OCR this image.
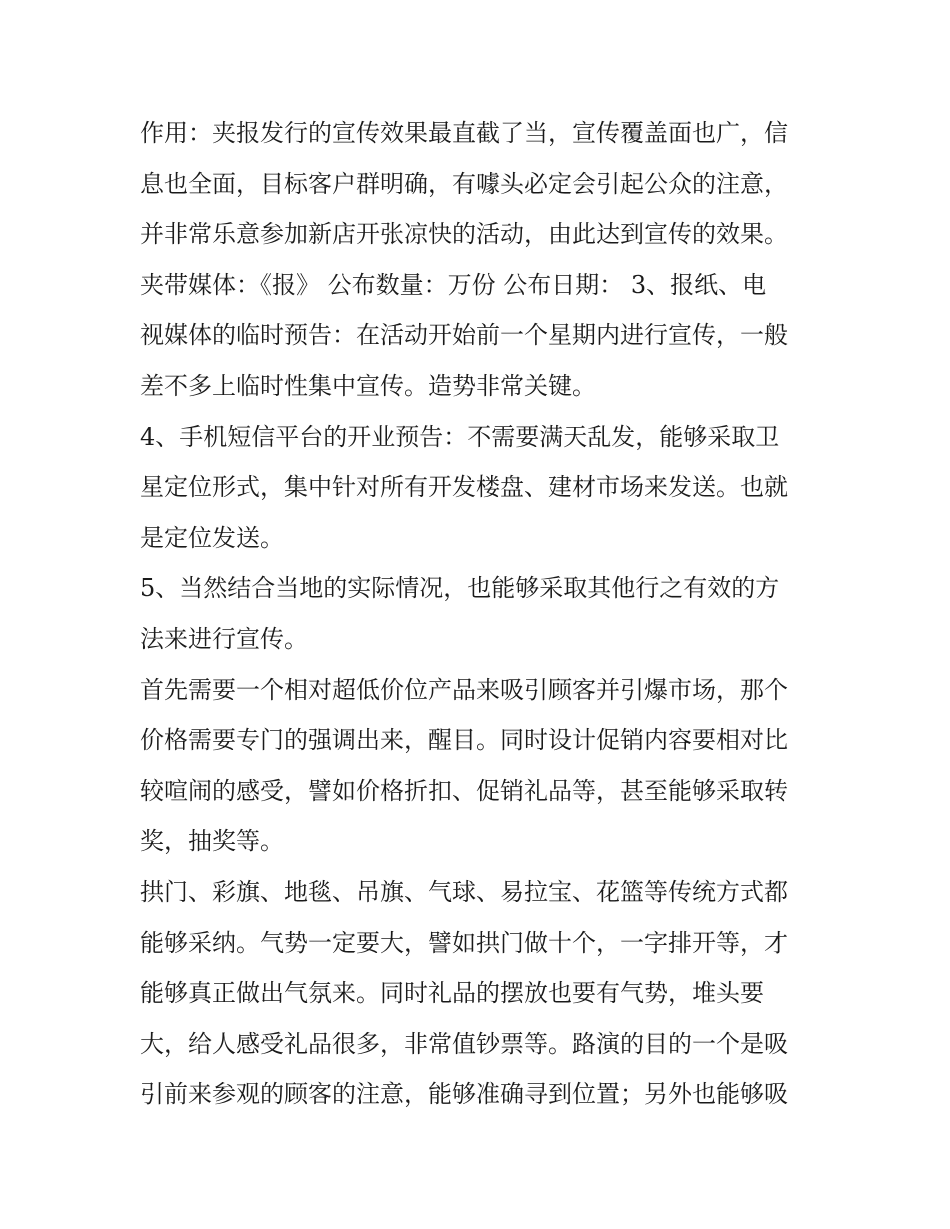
作用：夹报发行的宣传效果最直截了当，宣传覆盖面也广，信
息也全面，目标客户群明确，有噱头必定会引起公众的注意，
并非常乐意参加新店开张凉快的活动，由此达到宣传的效果。
夹带媒体：《报》 公布数量：万份 公布日期： 3、报纸、电
视媒体的临时预告：在活动开始前一个星期内进行宣传，一般
差不多上临时性集中宣传。造势非常关键。
4、手机短信平台的开业预告：不需要满天乱发，能够采取卫
星定位形式，集中针对所有开发楼盘、建材市场来发送。也就
是定位发送。
5、当然结合当地的实际情况，也能够采取其他行之有效的方
法来进行宣传。
首先需要一个相对超低价位产品来吸引顾客并引爆市场，那个
价格需要专门的强调出来，醒目。同时设计促销内容要相对比
较喧闹的感受，譬如价格折扣、促销礼品等，甚至能够采取转
奖，抽奖等。
拱门、彩旗、地毯、吊旗、气球、易拉宝、花篮等传统方式都
能够采纳。气势一定要大，譬如拱门做十个，一字排开等，才
能够真正做出气氛来。同时礼品的摆放也要有气势，堆头要
大，给人感受礼品很多，非常值钞票等。路演的目的一个是吸
引前来参观的顾客的注意，能够准确寻到位置；另外也能够吸
